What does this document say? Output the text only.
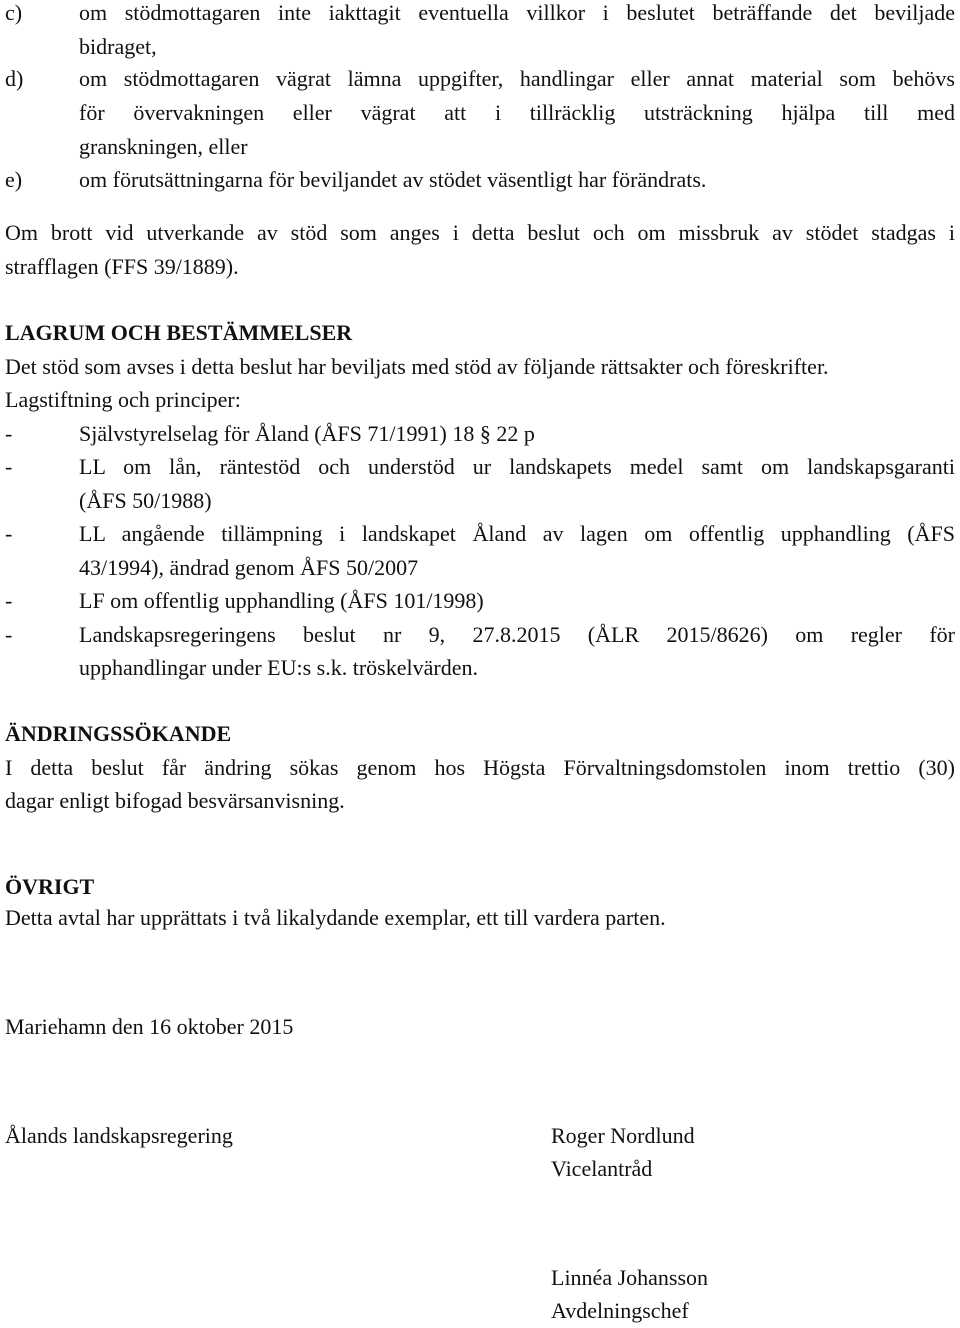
c)	om stödmottagaren inte iakttagit eventuella villkor i beslutet beträffande det beviljade
bidraget,
d)	om stödmottagaren vägrat lämna uppgifter, handlingar eller annat material som behövs
för övervakningen eller vägrat att i tillräcklig utsträckning hjälpa till med
granskningen, eller
e)	om förutsättningarna för beviljandet av stödet väsentligt har förändrats.
Om brott vid utverkande av stöd som anges i detta beslut och om missbruk av stödet stadgas i
strafflagen (FFS 39/1889).
LAGRUM OCH BESTÄMMELSER
Det stöd som avses i detta beslut har beviljats med stöd av följande rättsakter och föreskrifter.
Lagstiftning och principer:
-	Självstyrelselag för Åland (ÅFS 71/1991) 18 § 22 p
-	LL om lån, räntestöd och understöd ur landskapets medel samt om landskapsgaranti
(ÅFS 50/1988)
-	LL angående tillämpning i landskapet Åland av lagen om offentlig upphandling (ÅFS
43/1994), ändrad genom ÅFS 50/2007
-	LF om offentlig upphandling (ÅFS 101/1998)
-	Landskapsregeringens beslut nr 9, 27.8.2015 (ÅLR 2015/8626) om regler för
upphandlingar under EU:s s.k. tröskelvärden.
ÄNDRINGSSÖKANDE
I detta beslut får ändring sökas genom hos Högsta Förvaltningsdomstolen inom trettio (30)
dagar enligt bifogad besvärsanvisning.
ÖVRIGT
Detta avtal har upprättats i två likalydande exemplar, ett till vardera parten.
Mariehamn den 16 oktober 2015
Ålands landskapsregering	Roger Nordlund
Vicelantråd
Linnéa Johansson
Avdelningschef
